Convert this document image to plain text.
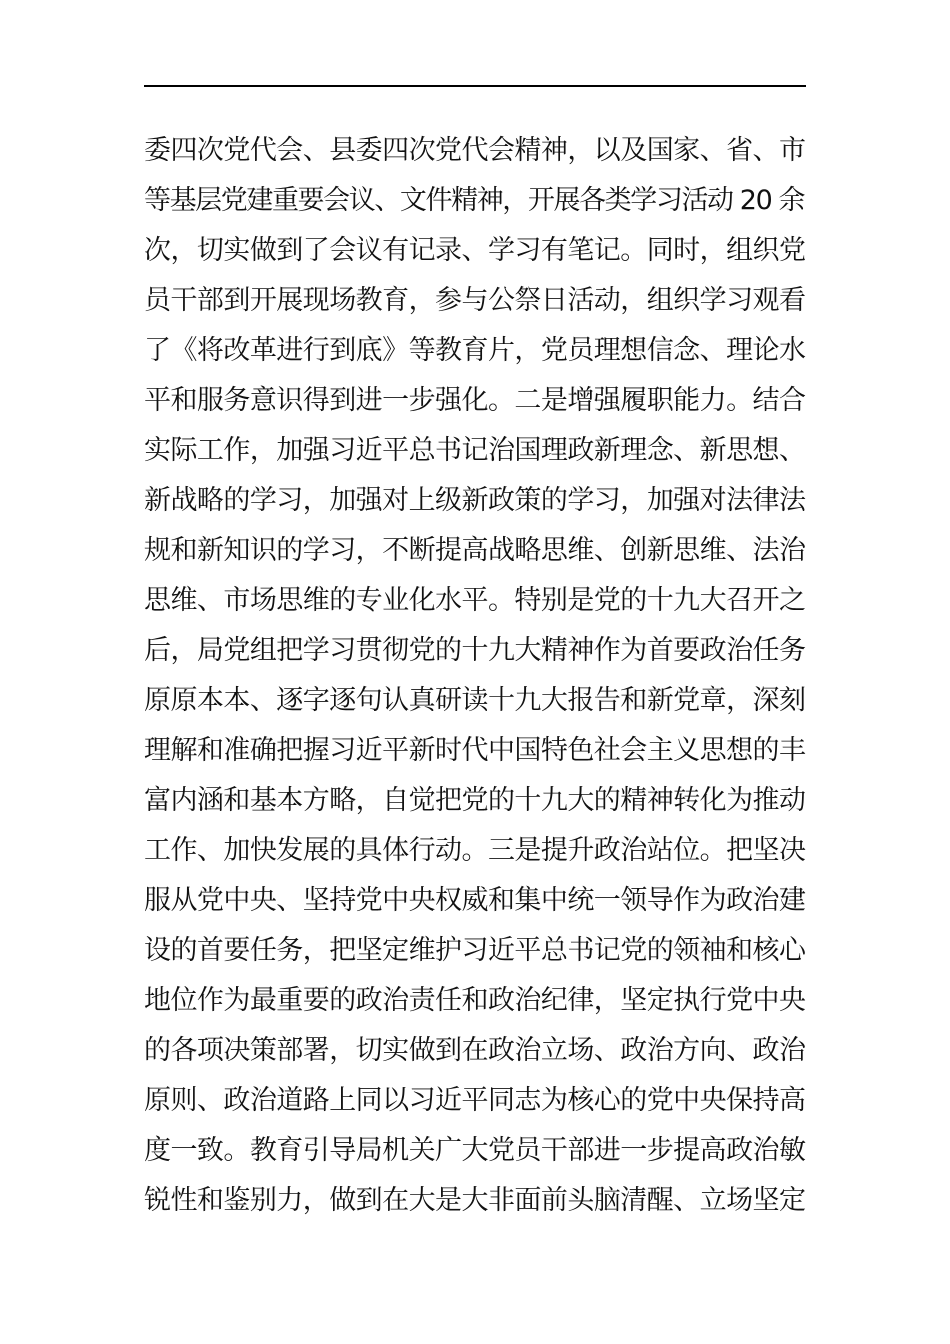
委四次党代会、县委四次党代会精神，以及国家、省、市
等基层党建重要会议、文件精神，开展各类学习活动 20 余
次，切实做到了会议有记录、学习有笔记。同时，组织党
员干部到开展现场教育，参与公祭日活动，组织学习观看
了《将改革进行到底》等教育片，党员理想信念、理论水
平和服务意识得到进一步强化。二是增强履职能力。结合
实际工作，加强习近平总书记治国理政新理念、新思想、
新战略的学习，加强对上级新政策的学习，加强对法律法
规和新知识的学习，不断提高战略思维、创新思维、法治
思维、市场思维的专业化水平。特别是党的十九大召开之
后，局党组把学习贯彻党的十九大精神作为首要政治任务
原原本本、逐字逐句认真研读十九大报告和新党章，深刻
理解和准确把握习近平新时代中国特色社会主义思想的丰
富内涵和基本方略，自觉把党的十九大的精神转化为推动
工作、加快发展的具体行动。三是提升政治站位。把坚决
服从党中央、坚持党中央权威和集中统一领导作为政治建
设的首要任务，把坚定维护习近平总书记党的领袖和核心
地位作为最重要的政治责任和政治纪律，坚定执行党中央
的各项决策部署，切实做到在政治立场、政治方向、政治
原则、政治道路上同以习近平同志为核心的党中央保持高
度一致。教育引导局机关广大党员干部进一步提高政治敏
锐性和鉴别力，做到在大是大非面前头脑清醒、立场坚定
